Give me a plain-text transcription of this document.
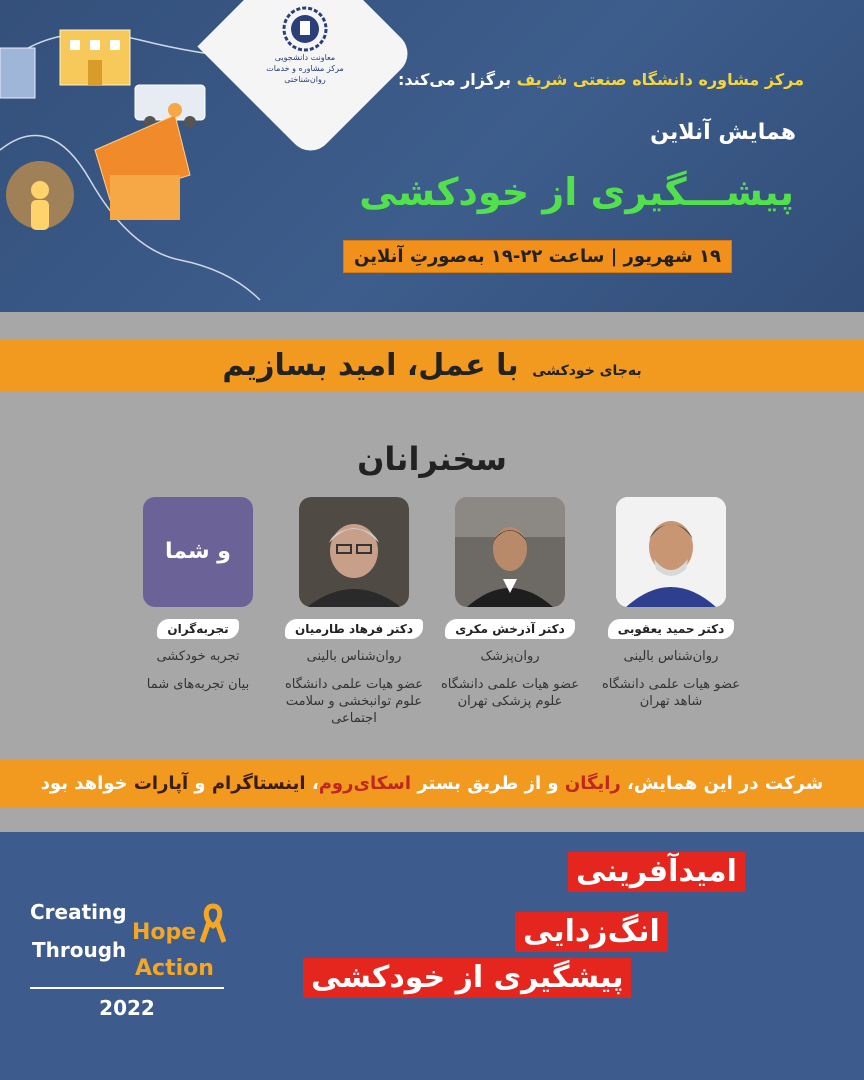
معاونت دانشجویی
مرکز مشاوره و خدمات روان‌شناختی	مرکز مشاوره دانشگاه صنعتی شریف برگزار می‌کند:
همایش آنلاین
پیشـــگیری از خودکشی
۱۹ شهریور | ساعت ۲۲-۱۹ به‌صورتِ آنلاین
به‌جای خودکشی با عمل، امید بسازیم
سخنرانان
دکتر حمید یعقوبی
روان‌شناس بالینی
عضو هیات علمی دانشگاه شاهد تهران
دکتر آذرخش مکری
روان‌پزشک
عضو هیات علمی دانشگاه علوم پزشکی تهران
دکتر فرهاد طارمیان
روان‌شناس بالینی
عضو هیات علمی دانشگاه علوم توانبخشی و سلامت اجتماعی
و شما
تجربه‌گران
تجربه خودکشی
بیان تجربه‌های شما
شرکت در این همایش، رایگان و از طریق بستر اسکای‌روم، اینستاگرام و آپارات خواهد بود
امیدآفرینی
انگ‌زدایی
پیشگیری از خودکشی
Creating
Through
Hope
Action
2022
